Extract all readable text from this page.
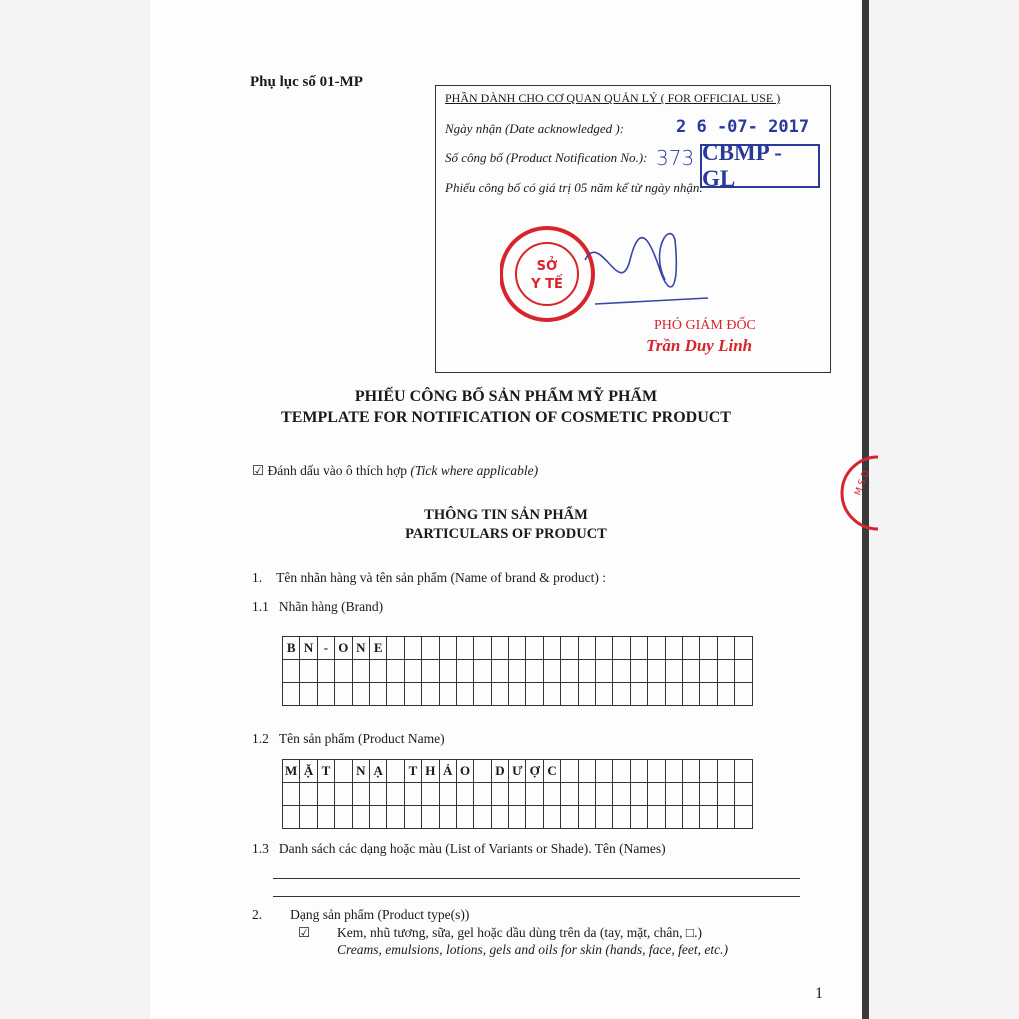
Phụ lục số 01-MP
PHẦN DÀNH CHO CƠ QUAN QUẢN LÝ ( FOR OFFICIAL USE )
Ngày nhận (Date acknowledged ):	2 6 -07- 2017
Số công bố (Product Notification No.): 373 CBMP - GL
Phiếu công bố có giá trị 05 năm kể từ ngày nhận.
SỞ
Y TẾ
PHÓ GIÁM ĐỐC
Trần Duy Linh
PHIẾU CÔNG BỐ SẢN PHẨM MỸ PHẨM
TEMPLATE FOR NOTIFICATION OF COSMETIC PRODUCT
☑ Đánh dấu vào ô thích hợp (Tick where applicable)
THÔNG TIN SẢN PHẨM
PARTICULARS OF PRODUCT
1. Tên nhãn hàng và tên sản phẩm (Name of brand & product) :
1.1 Nhãn hàng (Brand)
B	N	-	O	N	E																					

1.2 Tên sản phẩm (Product Name)
M	Ặ	T		N	Ạ		T	H	Ả	O		D	Ư	Ợ	C											

1.3 Danh sách các dạng hoặc màu (List of Variants or Shade). Tên (Names)
2. Dạng sản phẩm (Product type(s))
☑ Kem, nhũ tương, sữa, gel hoặc dầu dùng trên da (tay, mặt, chân, □.)
Creams, emulsions, lotions, gels and oils for skin (hands, face, feet, etc.)
1
M.S.D
